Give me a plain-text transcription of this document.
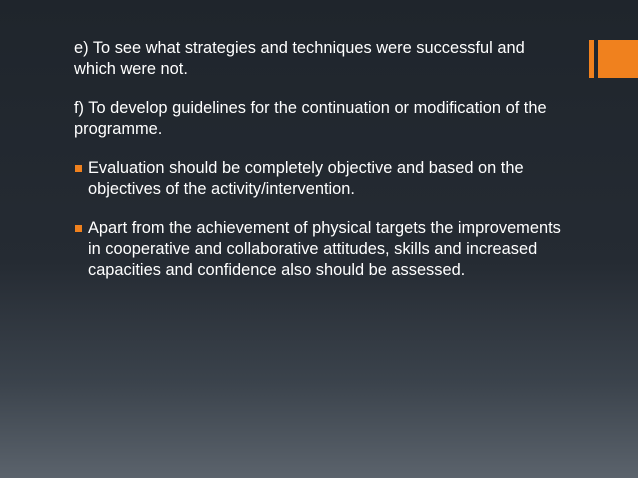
e) To see what strategies and techniques were successful and which were not.

f) To develop guidelines for the continuation or modification of the programme.

Evaluation should be completely objective and based on the objectives of the activity/intervention.
Apart from the achievement of physical targets the improvements in cooperative and collaborative attitudes, skills and increased capacities and confidence also should be assessed.
